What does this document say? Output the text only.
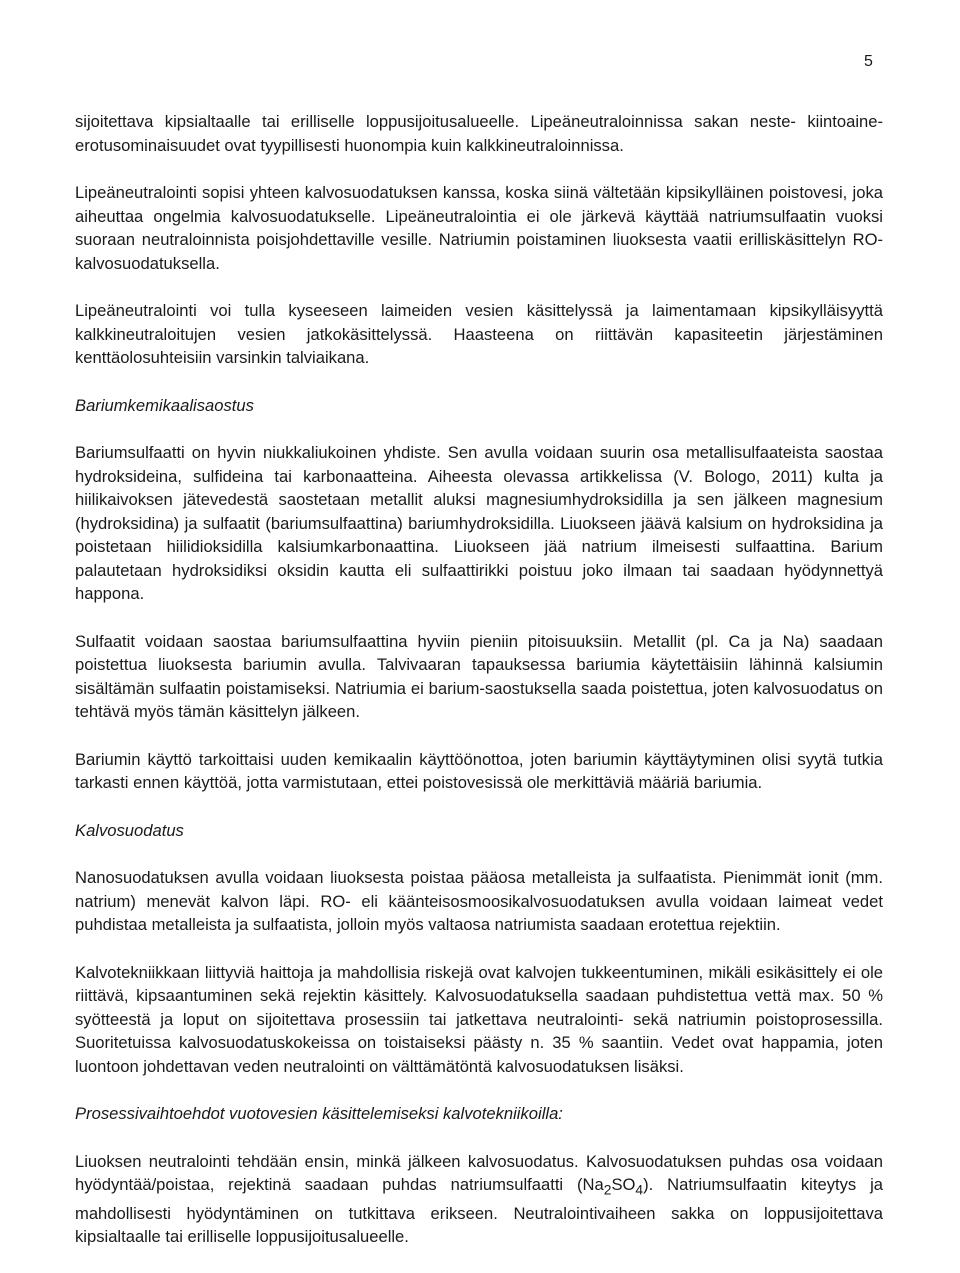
5

sijoitettava kipsialtaalle tai erilliselle loppusijoitusalueelle. Lipeäneutraloinnissa sakan neste- kiintoaine-erotusominaisuudet ovat tyypillisesti huonompia kuin kalkkineutraloinnissa.

Lipeäneutralointi sopisi yhteen kalvosuodatuksen kanssa, koska siinä vältetään kipsikylläinen poistovesi, joka aiheuttaa ongelmia kalvosuodatukselle. Lipeäneutralointia ei ole järkevä käyttää natriumsulfaatin vuoksi suoraan neutraloinnista poisjohdettaville vesille. Natriumin poistaminen liuoksesta vaatii erilliskäsittelyn RO-kalvosuodatuksella.

Lipeäneutralointi voi tulla kyseeseen laimeiden vesien käsittelyssä ja laimentamaan kipsikylläisyyttä kalkkineutraloitujen vesien jatkokäsittelyssä. Haasteena on riittävän kapasiteetin järjestäminen kenttäolosuhteisiin varsinkin talviaikana.

Bariumkemikaalisaostus

Bariumsulfaatti on hyvin niukkaliukoinen yhdiste. Sen avulla voidaan suurin osa metallisulfaateista saostaa hydroksideina, sulfideina tai karbonaatteina. Aiheesta olevassa artikkelissa (V. Bologo, 2011) kulta ja hiilikaivoksen jätevedestä saostetaan metallit aluksi magnesiumhydroksidilla ja sen jälkeen magnesium (hydroksidina) ja sulfaatit (bariumsulfaattina) bariumhydroksidilla. Liuokseen jäävä kalsium on hydroksidina ja poistetaan hiilidioksidilla kalsiumkarbonaattina. Liuokseen jää natrium ilmeisesti sulfaattina. Barium palautetaan hydroksidiksi oksidin kautta eli sulfaattirikki poistuu joko ilmaan tai saadaan hyödynnettyä happona.

Sulfaatit voidaan saostaa bariumsulfaattina hyviin pieniin pitoisuuksiin. Metallit (pl. Ca ja Na) saadaan poistettua liuoksesta bariumin avulla. Talvivaaran tapauksessa bariumia käytettäisiin lähinnä kalsiumin sisältämän sulfaatin poistamiseksi. Natriumia ei barium-saostuksella saada poistettua, joten kalvosuodatus on tehtävä myös tämän käsittelyn jälkeen.

Bariumin käyttö tarkoittaisi uuden kemikaalin käyttöönottoa, joten bariumin käyttäytyminen olisi syytä tutkia tarkasti ennen käyttöä, jotta varmistutaan, ettei poistovesissä ole merkittäviä määriä bariumia.

Kalvosuodatus

Nanosuodatuksen avulla voidaan liuoksesta poistaa pääosa metalleista ja sulfaatista. Pienimmät ionit (mm. natrium) menevät kalvon läpi. RO- eli käänteisosmoosikalvosuodatuksen avulla voidaan laimeat vedet puhdistaa metalleista ja sulfaatista, jolloin myös valtaosa natriumista saadaan erotettua rejektiin.

Kalvotekniikkaan liittyviä haittoja ja mahdollisia riskejä ovat kalvojen tukkeentuminen, mikäli esikäsittely ei ole riittävä, kipsaantuminen sekä rejektin käsittely. Kalvosuodatuksella saadaan puhdistettua vettä max. 50 % syötteestä ja loput on sijoitettava prosessiin tai jatkettava neutralointi- sekä natriumin poistoprosessilla. Suoritetuissa kalvosuodatuskokeissa on toistaiseksi päästy n. 35 % saantiin. Vedet ovat happamia, joten luontoon johdettavan veden neutralointi on välttämätöntä kalvosuodatuksen lisäksi.

Prosessivaihtoehdot vuotovesien käsittelemiseksi kalvotekniikoilla:

Liuoksen neutralointi tehdään ensin, minkä jälkeen kalvosuodatus. Kalvosuodatuksen puhdas osa voidaan hyödyntää/poistaa, rejektinä saadaan puhdas natriumsulfaatti $(Na_2SO_4)$. Natriumsulfaatin kiteytys ja mahdollisesti hyödyntäminen on tutkittava erikseen. Neutralointivaiheen sakka on loppusijoitettava kipsialtaalle tai erilliselle loppusijoitusalueelle.
